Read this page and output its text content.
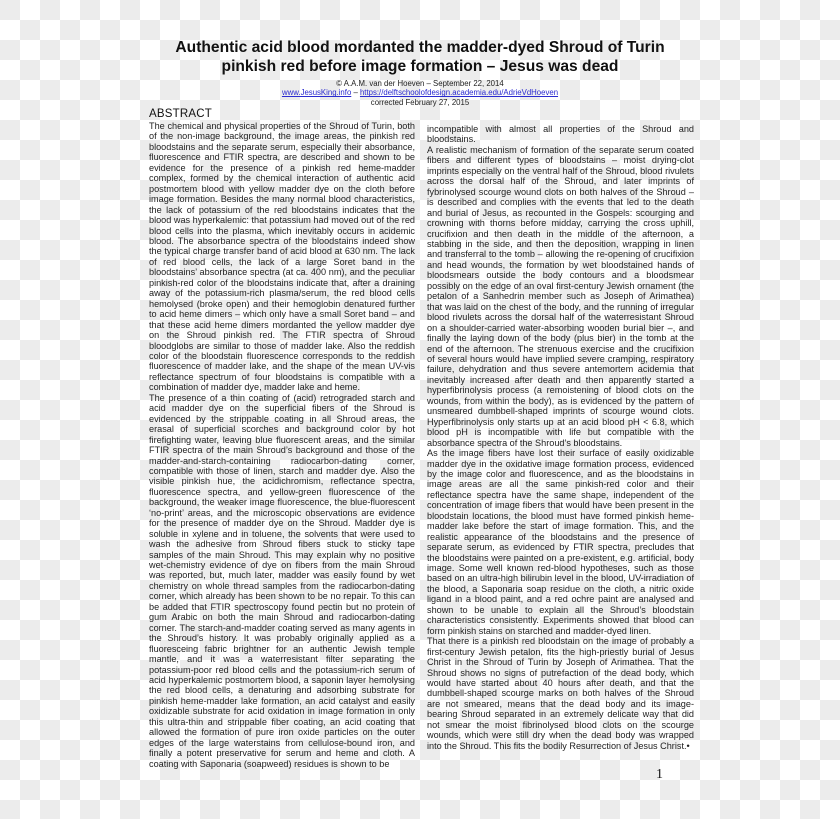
Authentic acid blood mordanted the madder-dyed Shroud of Turin
pinkish red before image formation – Jesus was dead
© A.A.M. van der Hoeven – September 22, 2014
www.JesusKing.info – https://delftschoolofdesign.academia.edu/AdrieVdHoeven
corrected February 27, 2015
ABSTRACT

The chemical and physical properties of the Shroud of Turin, both of the non-image background, the image areas, the pinkish red bloodstains and the separate serum, especially their absorbance, fluorescence and FTIR spectra, are described and shown to be evidence for the presence of a pinkish red heme-madder complex, formed by the chemical interaction of authentic acid postmortem blood with yellow madder dye on the cloth before image formation. Besides the many normal blood characteristics, the lack of potassium of the red bloodstains indicates that the blood was hyperkalemic: that potassium had moved out of the red blood cells into the plasma, which inevitably occurs in acidemic blood. The absorbance spectra of the bloodstains indeed show the typical charge transfer band of acid blood at 630 nm. The lack of red blood cells, the lack of a large Soret band in the bloodstains’ absorbance spectra (at ca. 400 nm), and the peculiar pinkish-red color of the bloodstains indicate that, after a draining away of the potassium-rich plasma/serum, the red blood cells hemolysed (broke open) and their hemoglobin denatured further to acid heme dimers – which only have a small Soret band – and that these acid heme dimers mordanted the yellow madder dye on the Shroud pinkish red. The FTIR spectra of Shroud bloodglobs are similar to those of madder lake. Also the reddish color of the bloodstain fluorescence corresponds to the reddish fluorescence of madder lake, and the shape of the mean UV-vis reflectance spectrum of four bloodstains is compatible with a combination of madder dye, madder lake and heme.

The presence of a thin coating of (acid) retrograded starch and acid madder dye on the superficial fibers of the Shroud is evidenced by the strippable coating in all Shroud areas, the erasal of superficial scorches and background color by hot firefighting water, leaving blue fluorescent areas, and the similar FTIR spectra of the main Shroud’s background and those of the madder-and-starch-containing radiocarbon-dating corner, compatible with those of linen, starch and madder dye. Also the visible pinkish hue, the acidichromism, reflectance spectra, fluorescence spectra, and yellow-green fluorescence of the background, the weaker image fluorescence, the blue-fluorescent ‘no-print’ areas, and the microscopic observations are evidence for the presence of madder dye on the Shroud. Madder dye is soluble in xylene and in toluene, the solvents that were used to wash the adhesive from Shroud fibers stuck to sticky tape samples of the main Shroud. This may explain why no positive wet-chemistry evidence of dye on fibers from the main Shroud was reported, but, much later, madder was easily found by wet chemistry on whole thread samples from the radiocarbon-dating corner, which already has been shown to be no repair. To this can be added that FTIR spectroscopy found pectin but no protein of gum Arabic on both the main Shroud and radiocarbon-dating corner. The starch-and-madder coating served as many agents in the Shroud’s history. It was probably originally applied as a fluoresceing fabric brightner for an authentic Jewish temple mantle, and it was a waterresistant filter separating the potassium-poor red blood cells and the potassium-rich serum of acid hyperkalemic postmortem blood, a saponin layer hemolysing the red blood cells, a denaturing and adsorbing substrate for pinkish heme-madder lake formation, an acid catalyst and easily oxidizable substrate for acid oxidation in image formation in only this ultra-thin and strippable fiber coating, an acid coating that allowed the formation of pure iron oxide particles on the outer edges of the large waterstains from cellulose-bound iron, and finally a potent preservative for serum and heme and cloth. A coating with Saponaria (soapweed) residues is shown to be

incompatible with almost all properties of the Shroud and bloodstains.

A realistic mechanism of formation of the separate serum coated fibers and different types of bloodstains – moist drying-clot imprints especially on the ventral half of the Shroud, blood rivulets across the dorsal half of the Shroud, and later imprints of fybrinolysed scourge wound clots on both halves of the Shroud – is described and complies with the events that led to the death and burial of Jesus, as recounted in the Gospels: scourging and crowning with thorns before midday, carrying the cross uphill, crucifixion and then death in the middle of the afternoon, a stabbing in the side, and then the deposition, wrapping in linen and transferral to the tomb – allowing the re-opening of crucifixion and head wounds, the formation by wet bloodstained hands of bloodsmears outside the body contours and a bloodsmear possibly on the edge of an oval first-century Jewish ornament (the petalon of a Sanhedrin member such as Joseph of Arimathea) that was laid on the chest of the body, and the running of irregular blood rivulets across the dorsal half of the waterresistant Shroud on a shoulder-carried water-absorbing wooden burial bier –, and finally the laying down of the body (plus bier) in the tomb at the end of the afternoon. The strenuous exercise and the crucifixion of several hours would have implied severe cramping, respiratory failure, dehydration and thus severe antemortem acidemia that inevitably increased after death and then apparently started a hyperfibrinolysis process (a remoistening of blood clots on the wounds, from within the body), as is evidenced by the pattern of unsmeared dumbbell-shaped imprints of scourge wound clots. Hyperfibrinolysis only starts up at an acid blood pH < 6.8, which blood pH is incompatible with life but compatible with the absorbance spectra of the Shroud’s bloodstains.

As the image fibers have lost their surface of easily oxidizable madder dye in the oxidative image formation process, evidenced by the image color and fluorescence, and as the bloodstains in image areas are all the same pinkish-red color and their reflectance spectra have the same shape, independent of the concentration of image fibers that would have been present in the bloodstain locations, the blood must have formed pinkish heme-madder lake before the start of image formation. This, and the realistic appearance of the bloodstains and the presence of separate serum, as evidenced by FTIR spectra, precludes that the bloodstains were painted on a pre-existent, e.g. artificial, body image. Some well known red-blood hypotheses, such as those based on an ultra-high bilirubin level in the blood, UV-irradiation of the blood, a Saponaria soap residue on the cloth, a nitric oxide ligand in a blood paint, and a red ochre paint are analysed and shown to be unable to explain all the Shroud’s bloodstain characteristics consistently. Experiments showed that blood can form pinkish stains on starched and madder-dyed linen.

That there is a pinkish red bloodstain on the image of probably a first-century Jewish petalon, fits the high-priestly burial of Jesus Christ in the Shroud of Turin by Joseph of Arimathea. That the Shroud shows no signs of putrefaction of the dead body, which would have started about 40 hours after death, and that the dumbbell-shaped scourge marks on both halves of the Shroud are not smeared, means that the dead body and its image-bearing Shroud separated in an extremely delicate way that did not smear the moist fibrinolysed blood clots on the scourge wounds, which were still dry when the dead body was wrapped into the Shroud. This fits the bodily Resurrection of Jesus Christ.•

1
